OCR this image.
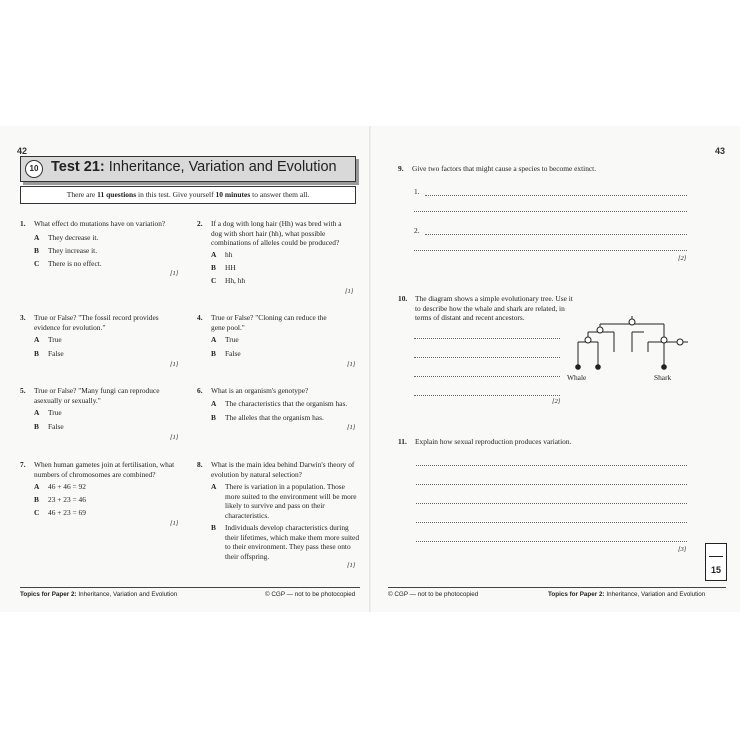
42
10 Test 21: Inheritance, Variation and Evolution
There are 11 questions in this test. Give yourself 10 minutes to answer them all.
1. What effect do mutations have on variation?
A They decrease it.
B They increase it.
C There is no effect.
[1]
2. If a dog with long hair (Hh) was bred with a dog with short hair (hh), what possible combinations of alleles could be produced?
A hh
B HH
C Hh, hh
[1]
3. True or False? "The fossil record provides evidence for evolution."
A True
B False
[1]
4. True or False? "Cloning can reduce the gene pool."
A True
B False
[1]
5. True or False? "Many fungi can reproduce asexually or sexually."
A True
B False
[1]
6. What is an organism's genotype?
A The characteristics that the organism has.
B The alleles that the organism has.
[1]
7. When human gametes join at fertilisation, what numbers of chromosomes are combined?
A 46 + 46 = 92
B 23 + 23 = 46
C 46 + 23 = 69
[1]
8. What is the main idea behind Darwin's theory of evolution by natural selection?
A	There is variation in a population. Those more suited to the environment will be more likely to survive and pass on their characteristics.
B	Individuals develop characteristics during their lifetimes, which make them more suited to their environment. They pass these onto their offspring.
[1]
Topics for Paper 2: Inheritance, Variation and Evolution	© CGP — not to be photocopied
43
9. Give two factors that might cause a species to become extinct.
1.
2.
[2]
10. The diagram shows a simple evolutionary tree. Use it to describe how the whale and shark are related, in terms of distant and recent ancestors.
[2]
Whale	Shark
11. Explain how sexual reproduction produces variation.
[3]
15
© CGP — not to be photocopied	Topics for Paper 2: Inheritance, Variation and Evolution
